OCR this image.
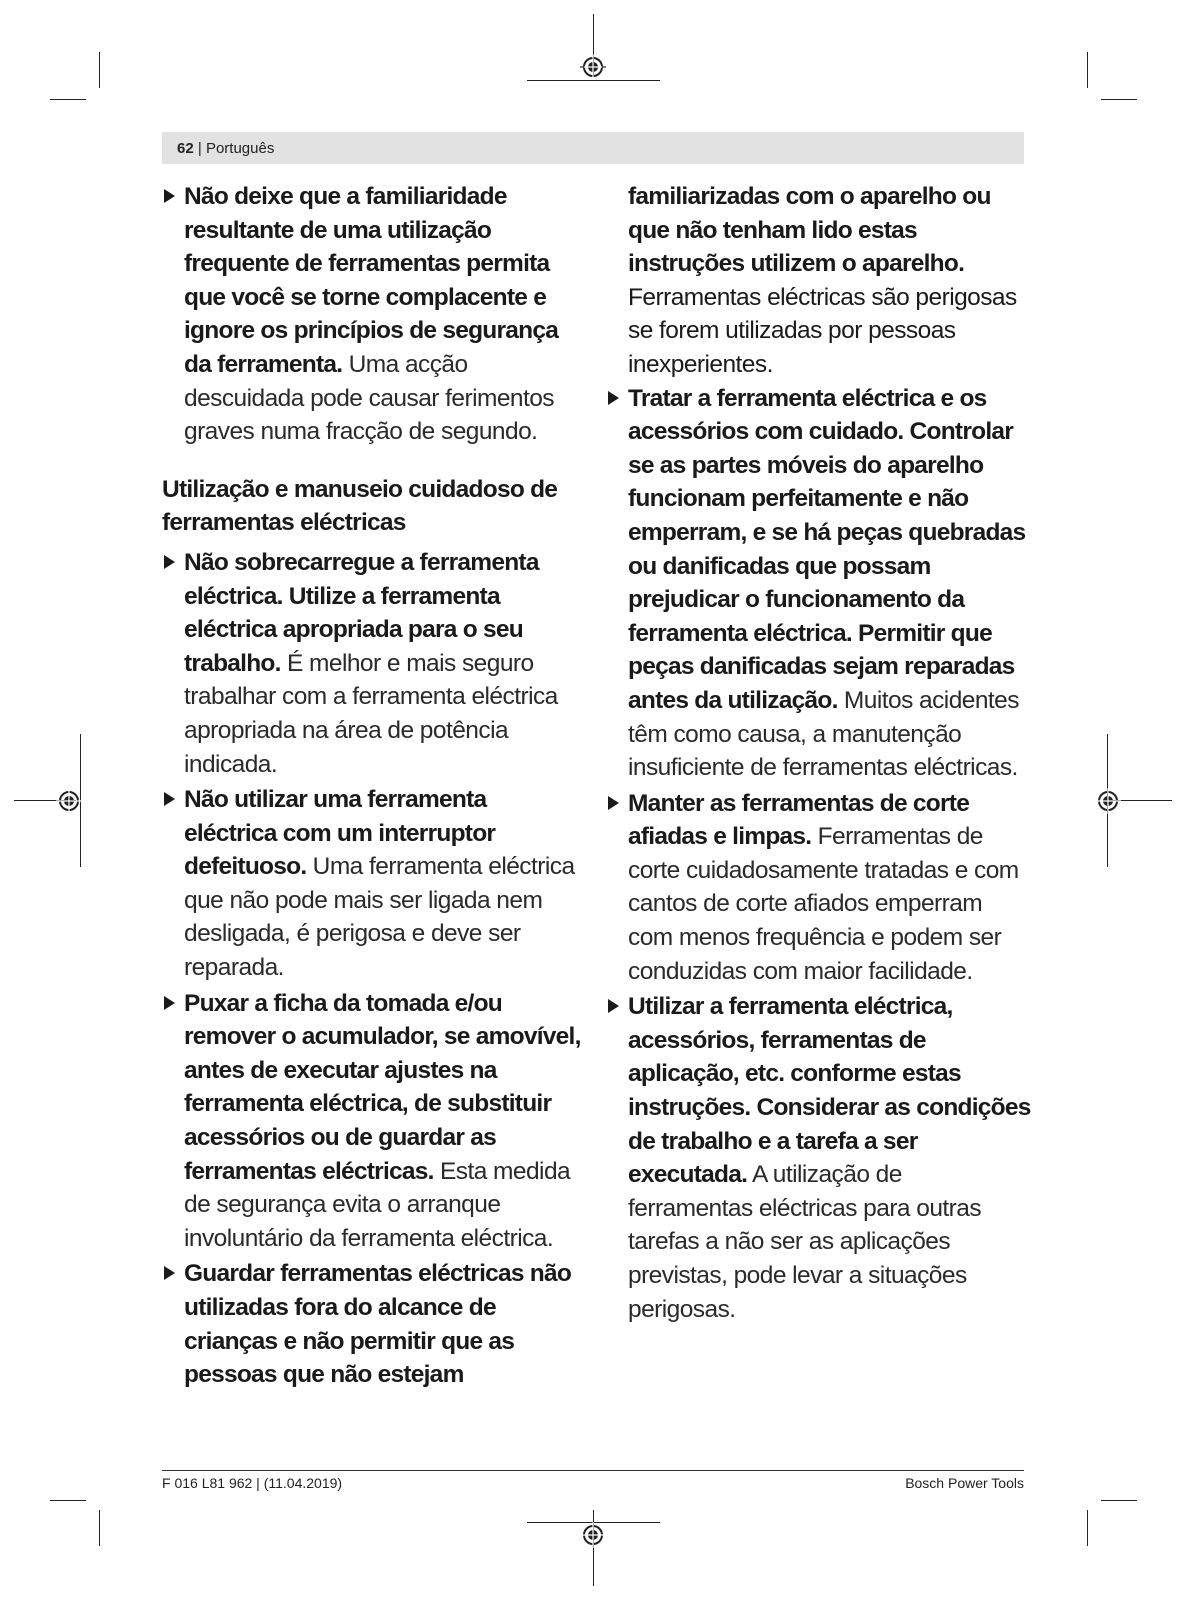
62 | Português
Não deixe que a familiaridade resultante de uma utilização frequente de ferramentas permita que você se torne complacente e ignore os princípios de segurança da ferramenta. Uma acção descuidada pode causar ferimentos graves numa fracção de segundo.
Utilização e manuseio cuidadoso de ferramentas eléctricas
Não sobrecarregue a ferramenta eléctrica. Utilize a ferramenta eléctrica apropriada para o seu trabalho. É melhor e mais seguro trabalhar com a ferramenta eléctrica apropriada na área de potência indicada.
Não utilizar uma ferramenta eléctrica com um interruptor defeituoso. Uma ferramenta eléctrica que não pode mais ser ligada nem desligada, é perigosa e deve ser reparada.
Puxar a ficha da tomada e/ou remover o acumulador, se amovível, antes de executar ajustes na ferramenta eléctrica, de substituir acessórios ou de guardar as ferramentas eléctricas. Esta medida de segurança evita o arranque involuntário da ferramenta eléctrica.
Guardar ferramentas eléctricas não utilizadas fora do alcance de crianças e não permitir que as pessoas que não estejam
familiarizadas com o aparelho ou que não tenham lido estas instruções utilizem o aparelho. Ferramentas eléctricas são perigosas se forem utilizadas por pessoas inexperientes.
Tratar a ferramenta eléctrica e os acessórios com cuidado. Controlar se as partes móveis do aparelho funcionam perfeitamente e não emperram, e se há peças quebradas ou danificadas que possam prejudicar o funcionamento da ferramenta eléctrica. Permitir que peças danificadas sejam reparadas antes da utilização. Muitos acidentes têm como causa, a manutenção insuficiente de ferramentas eléctricas.
Manter as ferramentas de corte afiadas e limpas. Ferramentas de corte cuidadosamente tratadas e com cantos de corte afiados emperram com menos frequência e podem ser conduzidas com maior facilidade.
Utilizar a ferramenta eléctrica, acessórios, ferramentas de aplicação, etc. conforme estas instruções. Considerar as condições de trabalho e a tarefa a ser executada. A utilização de ferramentas eléctricas para outras tarefas a não ser as aplicações previstas, pode levar a situações perigosas.
F 016 L81 962 | (11.04.2019)	Bosch Power Tools
